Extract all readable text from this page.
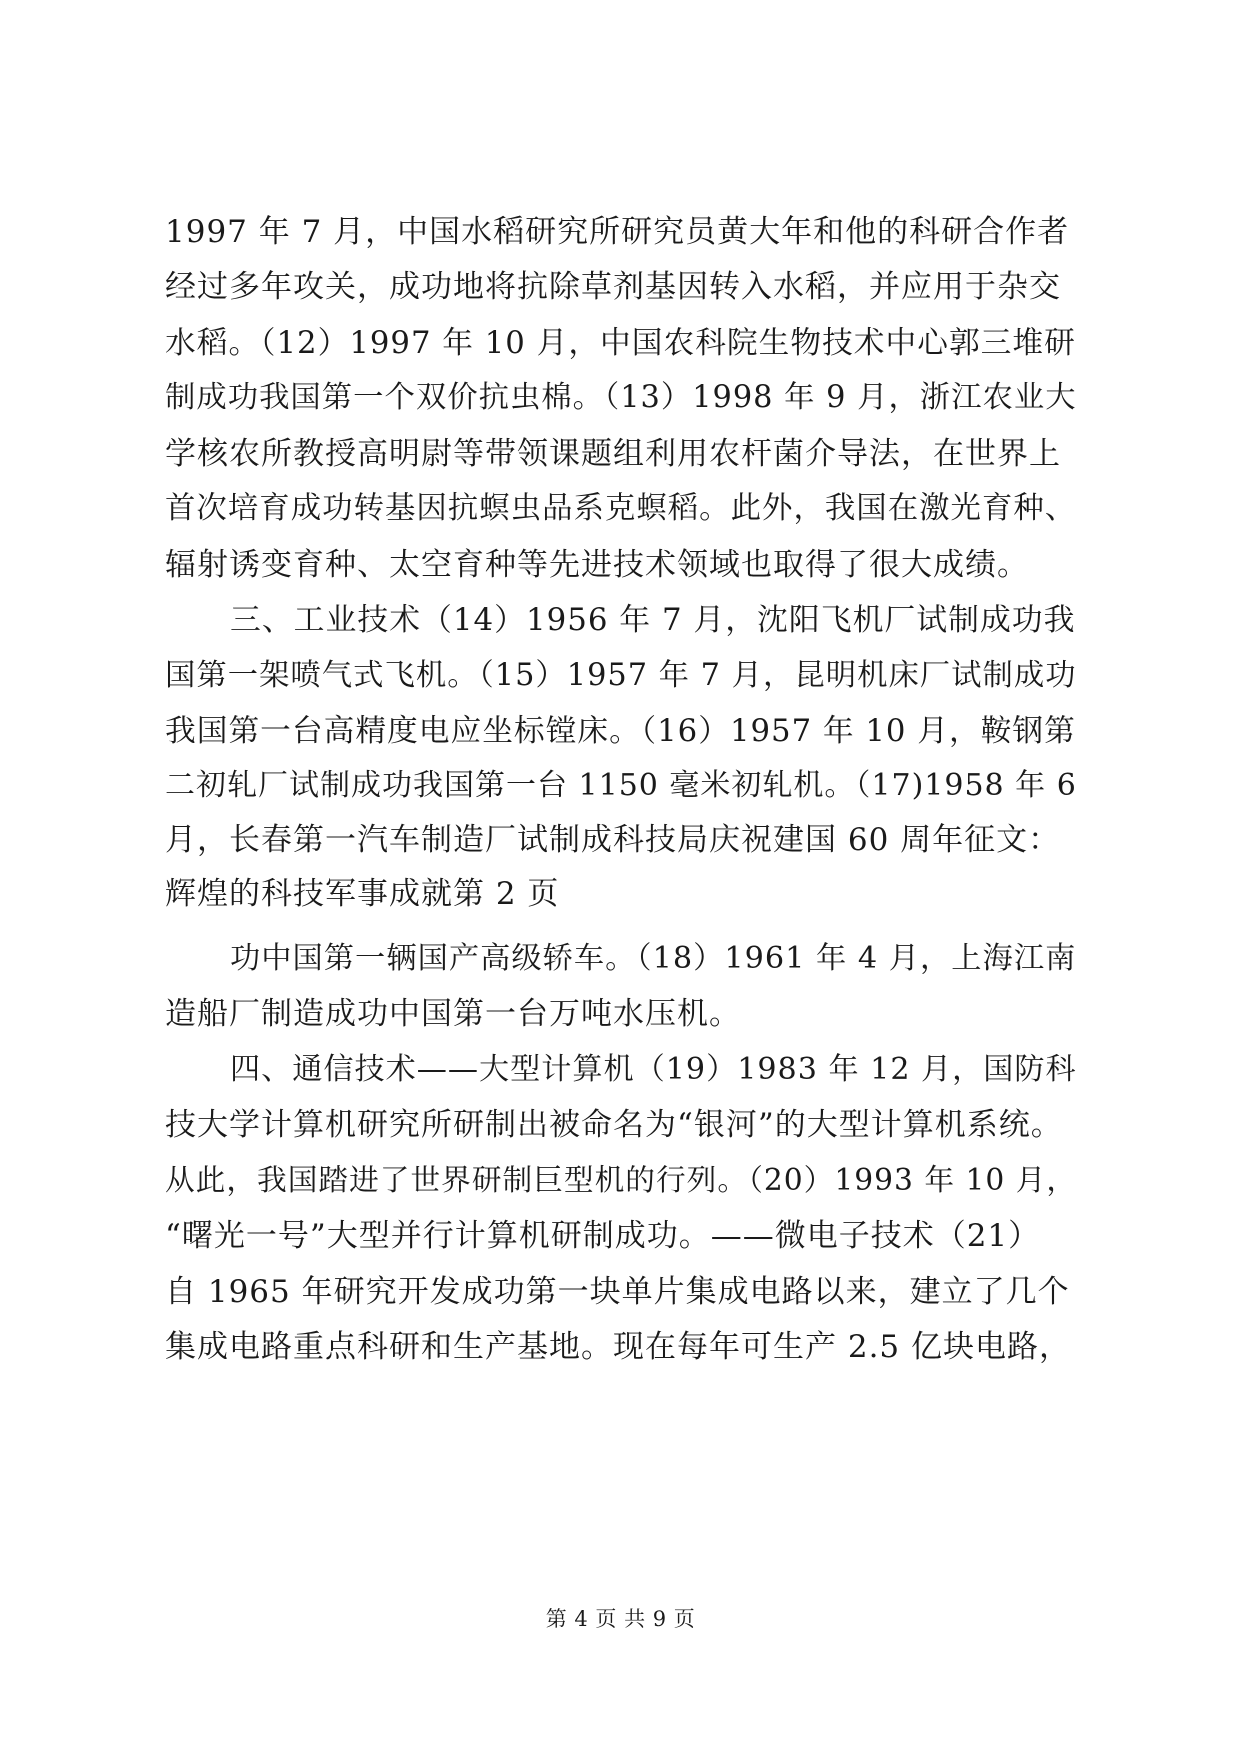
1997 年 7 月，中国水稻研究所研究员黄大年和他的科研合作者
经过多年攻关，成功地将抗除草剂基因转入水稻，并应用于杂交
水稻。（12）1997 年 10 月，中国农科院生物技术中心郭三堆研
制成功我国第一个双价抗虫棉。（13）1998 年 9 月，浙江农业大
学核农所教授高明尉等带领课题组利用农杆菌介导法，在世界上
首次培育成功转基因抗螟虫品系克螟稻。此外，我国在激光育种、
辐射诱变育种、太空育种等先进技术领域也取得了很大成绩。
三、工业技术（14）1956 年 7 月，沈阳飞机厂试制成功我
国第一架喷气式飞机。（15）1957 年 7 月，昆明机床厂试制成功
我国第一台高精度电应坐标镗床。（16）1957 年 10 月，鞍钢第
二初轧厂试制成功我国第一台 1150 毫米初轧机。（17)1958 年 6
月，长春第一汽车制造厂试制成科技局庆祝建国 60 周年征文：
辉煌的科技军事成就第 2 页
功中国第一辆国产高级轿车。（18）1961 年 4 月，上海江南
造船厂制造成功中国第一台万吨水压机。
四、通信技术——大型计算机（19）1983 年 12 月，国防科
技大学计算机研究所研制出被命名为“银河”的大型计算机系统。
从此，我国踏进了世界研制巨型机的行列。（20）1993 年 10 月，
“曙光一号”大型并行计算机研制成功。——微电子技术（21）
自 1965 年研究开发成功第一块单片集成电路以来，建立了几个
集成电路重点科研和生产基地。现在每年可生产 2.5 亿块电路，
第 4 页 共 9 页
